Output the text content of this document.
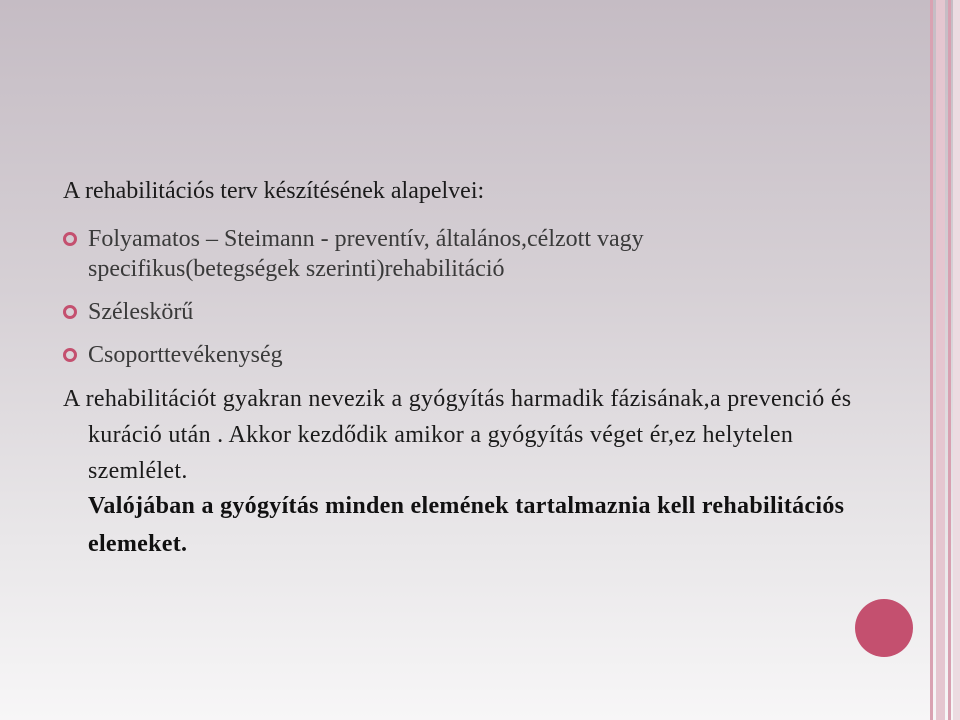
A rehabilitációs terv készítésének alapelvei:

Folyamatos – Steimann - preventív, általános,célzott vagy specifikus(betegségek szerinti)rehabilitáció
Széleskörű
Csoporttevékenység

A rehabilitációt gyakran nevezik a gyógyítás harmadik fázisának,a prevenció és kuráció után . Akkor kezdődik amikor a gyógyítás véget ér,ez helytelen szemlélet.

Valójában a gyógyítás minden elemének tartalmaznia kell rehabilitációs elemeket.
